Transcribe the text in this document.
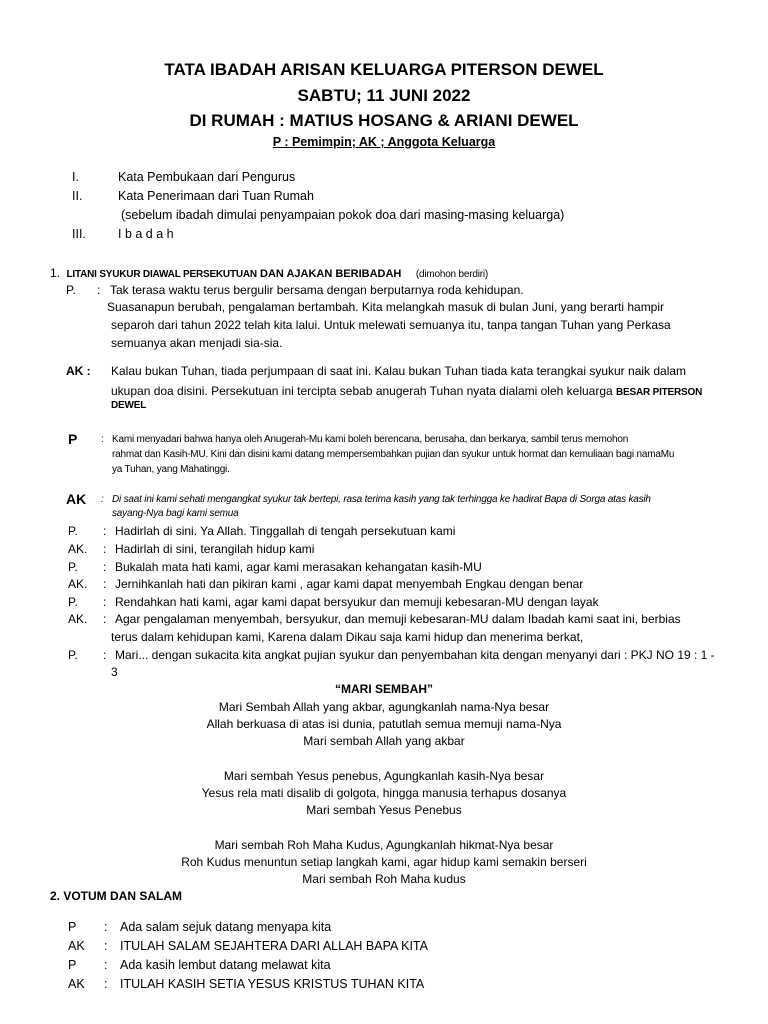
TATA IBADAH ARISAN KELUARGA PITERSON DEWEL
SABTU; 11 JUNI 2022
DI RUMAH : MATIUS HOSANG & ARIANI DEWEL
P : Pemimpin; AK ; Anggota Keluarga
I.	Kata Pembukaan dari Pengurus
II.	Kata Penerimaan dari Tuan Rumah
(sebelum ibadah dimulai penyampaian pokok doa dari masing-masing keluarga)
III.	I b a d a h
1. LITANI SYUKUR DIAWAL PERSEKUTUAN DAN AJAKAN BERIBADAH (dimohon berdiri)
P. : Tak terasa waktu terus bergulir bersama dengan berputarnya roda kehidupan.
Suasanapun berubah, pengalaman bertambah. Kita melangkah masuk di bulan Juni, yang berarti hampir
separoh dari tahun 2022 telah kita lalui. Untuk melewati semuanya itu, tanpa tangan Tuhan yang Perkasa
semuanya akan menjadi sia-sia.
AK : Kalau bukan Tuhan, tiada perjumpaan di saat ini. Kalau bukan Tuhan tiada kata terangkai syukur naik dalam
ukupan doa disini. Persekutuan ini tercipta sebab anugerah Tuhan nyata dialami oleh keluarga BESAR PITERSON
DEWEL
P : Kami menyadari bahwa hanya oleh Anugerah-Mu kami boleh berencana, berusaha, dan berkarya, sambil terus memohon
rahmat dan Kasih-MU. Kini dan disini kami datang mempersembahkan pujian dan syukur untuk hormat dan kemuliaan bagi namaMu
ya Tuhan, yang Mahatinggi.
AK : Di saat ini kami sehati mengangkat syukur tak bertepi, rasa terima kasih yang tak terhingga ke hadirat Bapa di Sorga atas kasih
sayang-Nya bagi kami semua
P. : Hadirlah di sini. Ya Allah. Tinggallah di tengah persekutuan kami
AK. : Hadirlah di sini, terangilah hidup kami
P. : Bukalah mata hati kami, agar kami merasakan kehangatan kasih-MU
AK. : Jernihkanlah hati dan pikiran kami , agar kami dapat menyembah Engkau dengan benar
P. : Rendahkan hati kami, agar kami dapat bersyukur dan memuji kebesaran-MU dengan layak
AK. : Agar pengalaman menyembah, bersyukur, dan memuji kebesaran-MU dalam Ibadah kami saat ini, berbias
terus dalam kehidupan kami, Karena dalam Dikau saja kami hidup dan menerima berkat,
P. : Mari... dengan sukacita kita angkat pujian syukur dan penyembahan kita dengan menyanyi dari : PKJ NO 19 : 1 -
3
“MARI SEMBAH”
Mari Sembah Allah yang akbar, agungkanlah nama-Nya besar
Allah berkuasa di atas isi dunia, patutlah semua memuji nama-Nya
Mari sembah Allah yang akbar
Mari sembah Yesus penebus, Agungkanlah kasih-Nya besar
Yesus rela mati disalib di golgota, hingga manusia terhapus dosanya
Mari sembah Yesus Penebus
Mari sembah Roh Maha Kudus, Agungkanlah hikmat-Nya besar
Roh Kudus menuntun setiap langkah kami, agar hidup kami semakin berseri
Mari sembah Roh Maha kudus
2. VOTUM DAN SALAM
P : Ada salam sejuk datang menyapa kita
AK : ITULAH SALAM SEJAHTERA DARI ALLAH BAPA KITA
P : Ada kasih lembut datang melawat kita
AK : ITULAH KASIH SETIA YESUS KRISTUS TUHAN KITA
